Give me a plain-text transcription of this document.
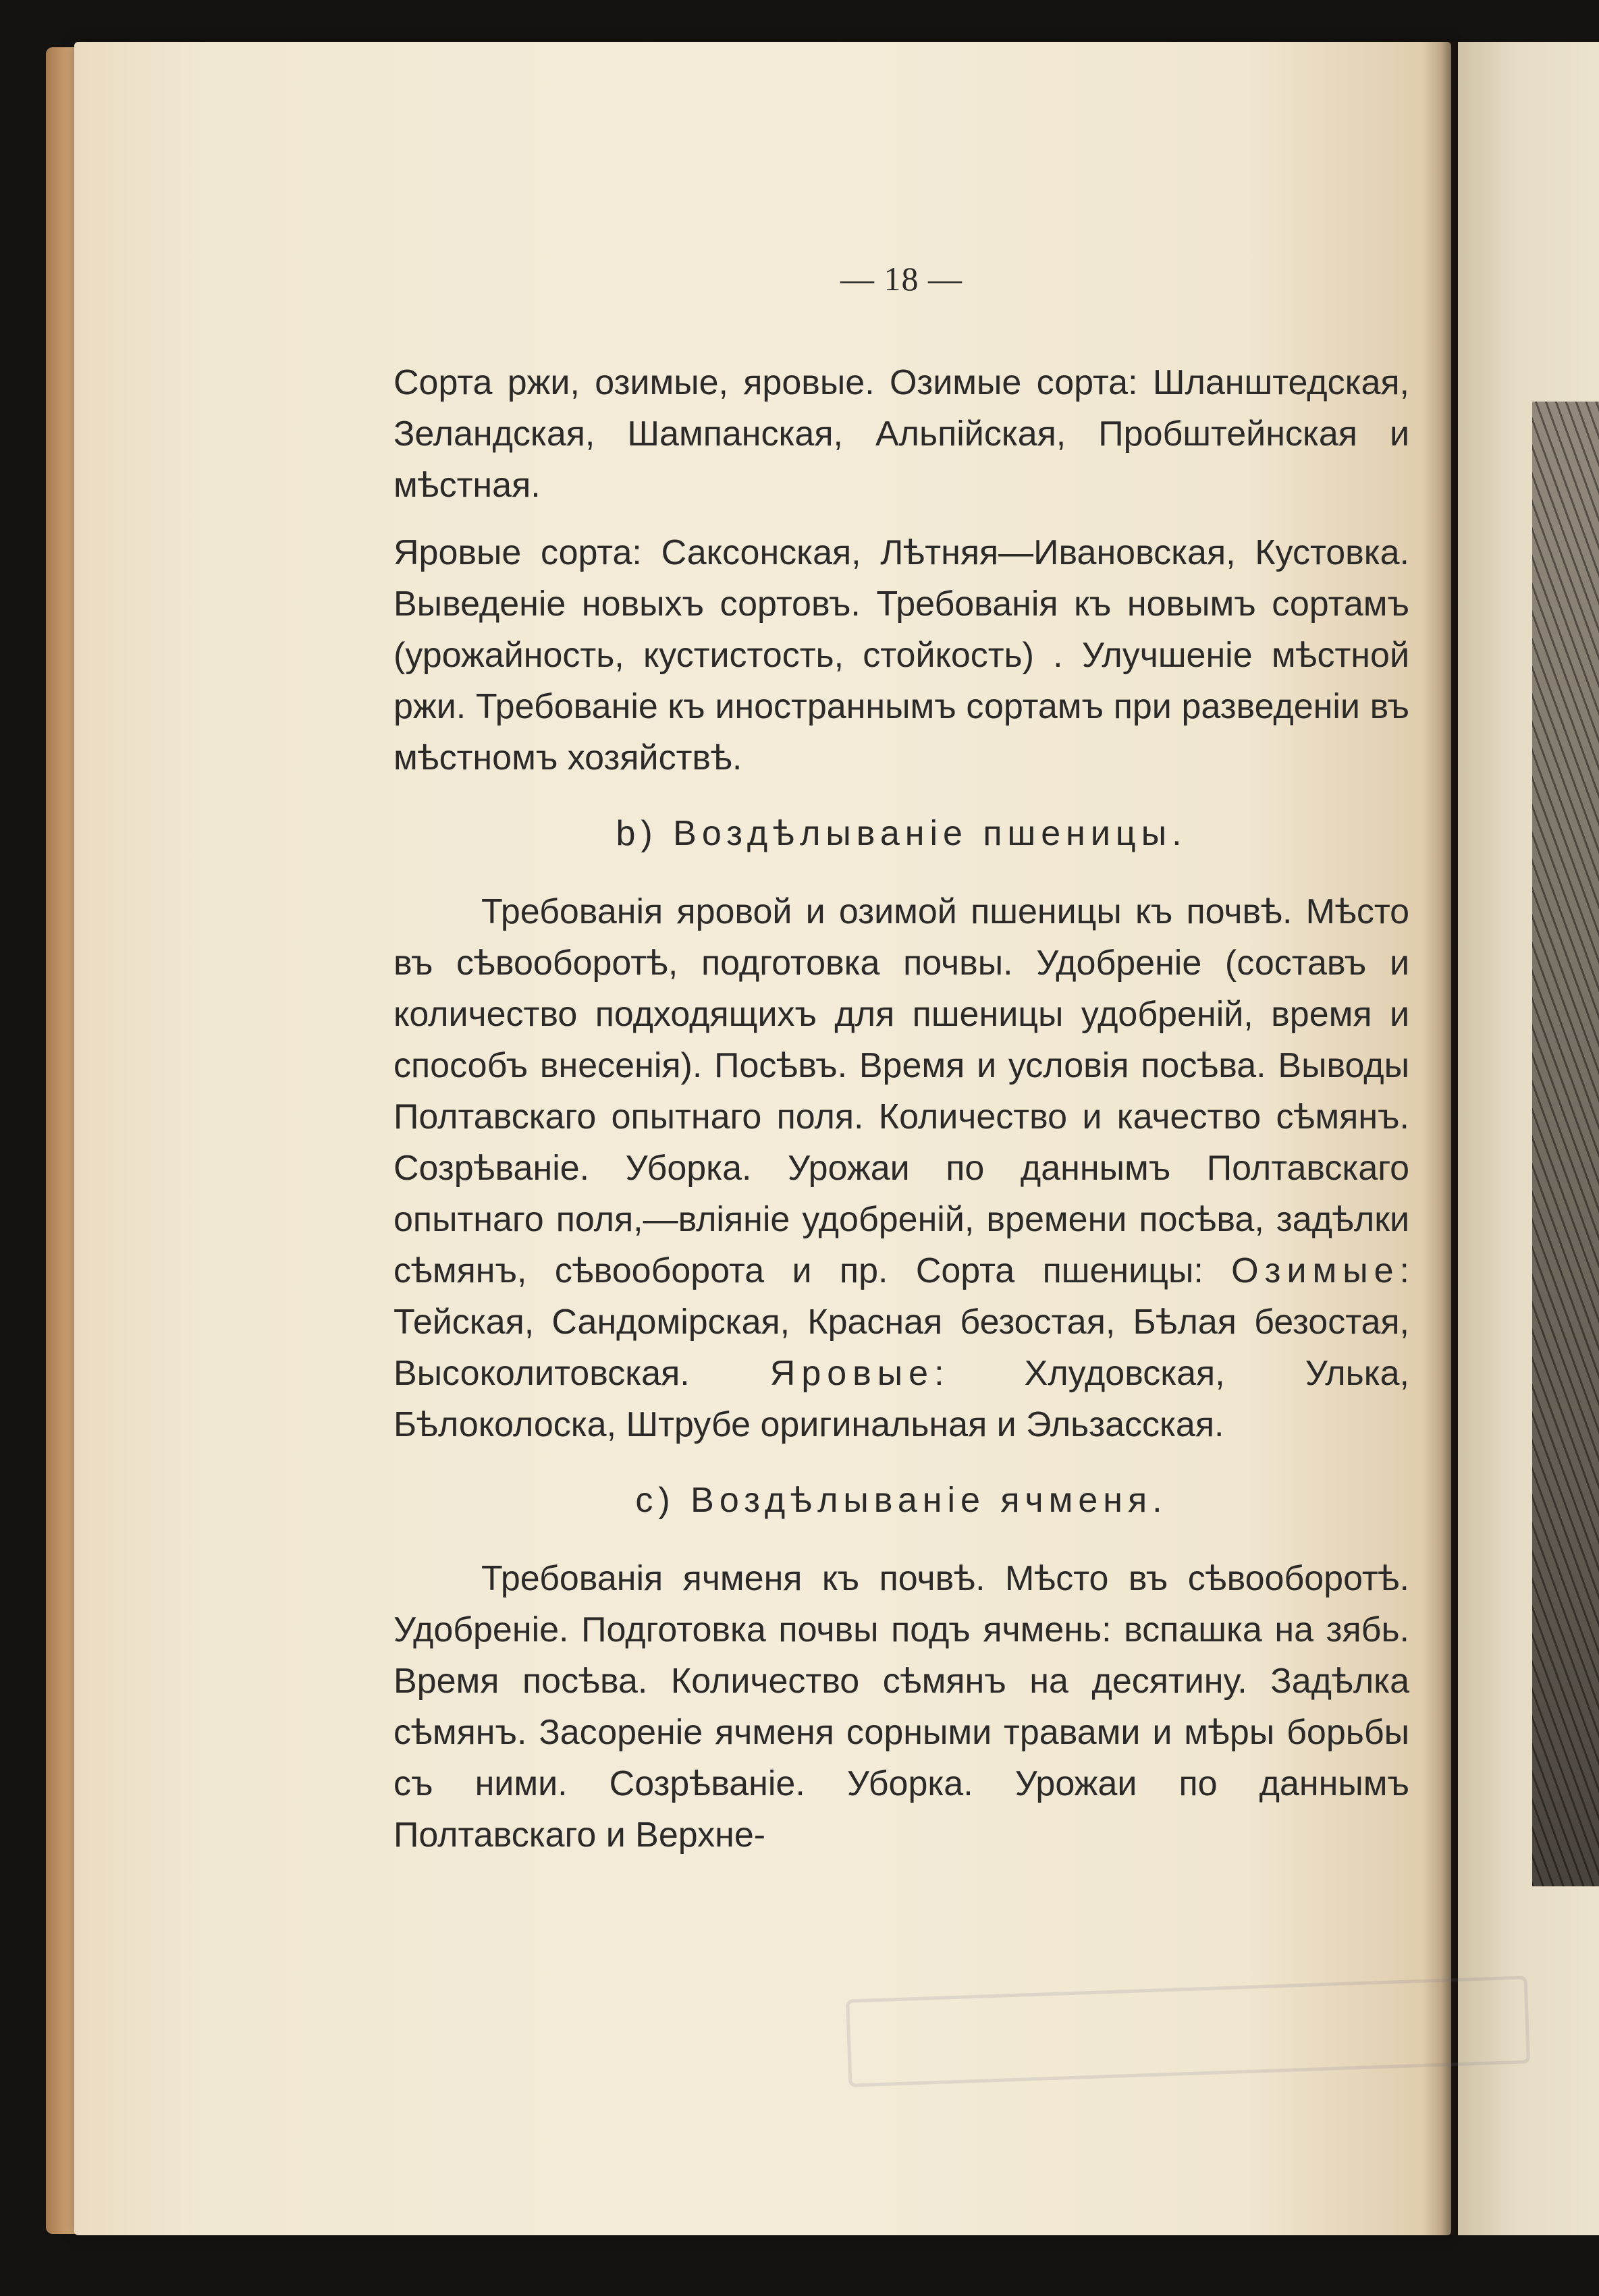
— 18 —

Сорта ржи, озимые, яровые. Озимые сорта: Шланштедская, Зеландская, Шампанская, Альпійская, Пробштейнская и мѣстная.

Яровые сорта: Саксонская, Лѣтняя—Ивановская, Кустовка. Выведеніе новыхъ сортовъ. Требованія къ новымъ сортамъ (урожайность, кустистость, стойкость) . Улучшеніе мѣстной ржи. Требованіе къ иностраннымъ сортамъ при разведеніи въ мѣстномъ хозяйствѣ.

b) Воздѣлываніе пшеницы.

Требованія яровой и озимой пшеницы къ почвѣ. Мѣсто въ сѣвооборотѣ, подготовка почвы. Удобреніе (составъ и количество подходящихъ для пшеницы удобреній, время и способъ внесенія). Посѣвъ. Время и условія посѣва. Выводы Полтавскаго опытнаго поля. Количество и качество сѣмянъ. Созрѣваніе. Уборка. Урожаи по даннымъ Полтавскаго опытнаго поля,—вліяніе удобреній, времени посѣва, задѣлки сѣмянъ, сѣвооборота и пр. Сорта пшеницы: Озимые: Тейская, Сандомірская, Красная безостая, Бѣлая безостая, Высоколитовская. Яровые: Хлудовская, Улька, Бѣлоколоска, Штрубе оригинальная и Эльзасская.

c) Воздѣлываніе ячменя.

Требованія ячменя къ почвѣ. Мѣсто въ сѣвооборотѣ. Удобреніе. Подготовка почвы подъ ячмень: вспашка на зябь. Время посѣва. Количество сѣмянъ на десятину. Задѣлка сѣмянъ. Засореніе ячменя сорными травами и мѣры борьбы съ ними. Созрѣваніе. Уборка. Урожаи по даннымъ Полтавскаго и Верхне-
